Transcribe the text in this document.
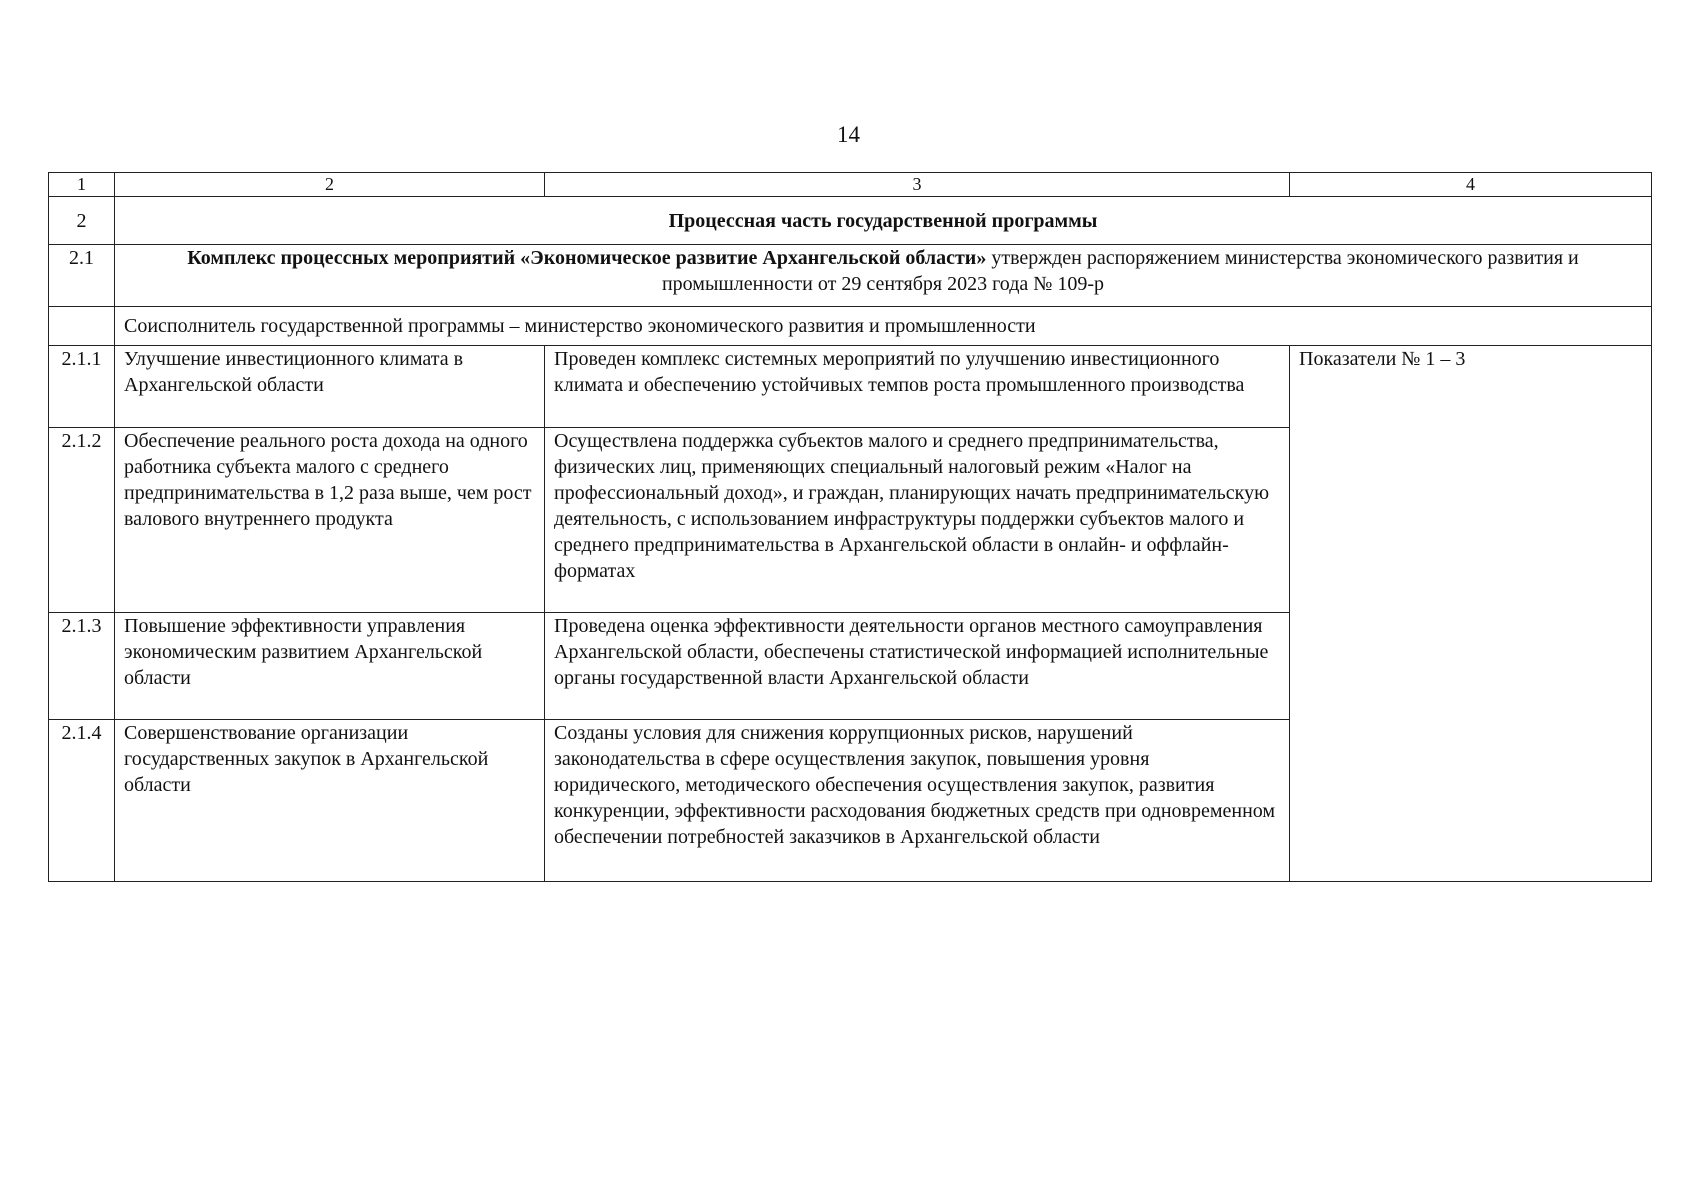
14
1	2	3	4
2	Процессная часть государственной программы		
2.1	Комплекс процессных мероприятий «Экономическое развитие Архангельской области» утвержден распоряжением министерства экономического развития и промышленности от 29 сентября 2023 года № 109-р		
	Соисполнитель государственной программы – министерство экономического развития и промышленности		
2.1.1	Улучшение инвестиционного климата в Архангельской области	Проведен комплекс системных мероприятий по улучшению инвестиционного климата и обеспечению устойчивых темпов роста промышленного производства	Показатели № 1 – 3
2.1.2	Обеспечение реального роста дохода на одного работника субъекта малого с среднего предпринимательства в 1,2 раза выше, чем рост валового внутреннего продукта	Осуществлена поддержка субъектов малого и среднего предпринимательства, физических лиц, применяющих специальный налоговый режим «Налог на профессиональный доход», и граждан, планирующих начать предпринимательскую деятельность, с использованием инфраструктуры поддержки субъектов малого и среднего предпринимательства в Архангельской области в онлайн- и оффлайн-форматах	
2.1.3	Повышение эффективности управления экономическим развитием Архангельской области	Проведена оценка эффективности деятельности органов местного самоуправления Архангельской области, обеспечены статистической информацией исполнительные органы государственной власти Архангельской области	
2.1.4	Совершенствование организации государственных закупок в Архангельской области	Созданы условия для снижения коррупционных рисков, нарушений законодательства в сфере осуществления закупок, повышения уровня юридического, методического обеспечения осуществления закупок, развития конкуренции, эффективности расходования бюджетных средств при одновременном обеспечении потребностей заказчиков в Архангельской области	
